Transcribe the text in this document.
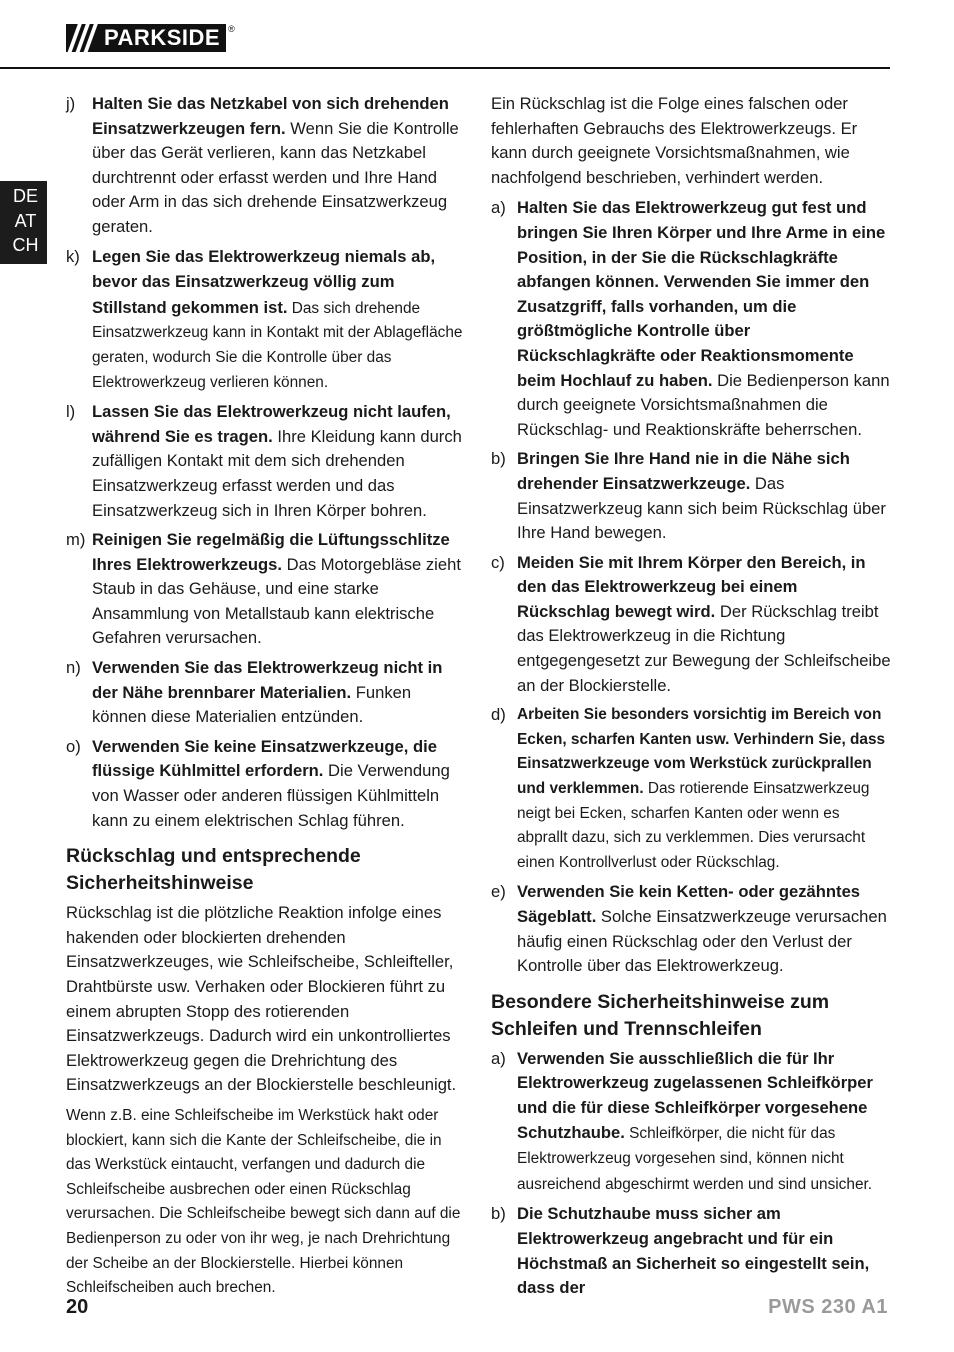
PARKSIDE ®
DE
AT
CH
j)	Halten Sie das Netzkabel von sich drehenden Einsatzwerkzeugen fern. Wenn Sie die Kontrolle über das Gerät verlieren, kann das Netzkabel durchtrennt oder erfasst werden und Ihre Hand oder Arm in das sich drehende Einsatzwerkzeug geraten.
k) Legen Sie das Elektrowerkzeug niemals ab, bevor das Einsatzwerkzeug völlig zum Stillstand gekommen ist. Das sich drehende Einsatzwerkzeug kann in Kontakt mit der Ablagefläche geraten, wodurch Sie die Kontrolle über das Elektrowerkzeug verlieren können.
l)	Lassen Sie das Elektrowerkzeug nicht laufen, während Sie es tragen. Ihre Kleidung kann durch zufälligen Kontakt mit dem sich drehenden Einsatzwerkzeug erfasst werden und das Einsatzwerkzeug sich in Ihren Körper bohren.
m) Reinigen Sie regelmäßig die Lüftungsschlitze Ihres Elektrowerkzeugs. Das Motorgebläse zieht Staub in das Gehäuse, und eine starke Ansammlung von Metallstaub kann elektrische Gefahren verursachen.
n) Verwenden Sie das Elektrowerkzeug nicht in der Nähe brennbarer Materialien. Funken können diese Materialien entzünden.
o) Verwenden Sie keine Einsatzwerkzeuge, die flüssige Kühlmittel erfordern. Die Verwendung von Wasser oder anderen flüssigen Kühlmitteln kann zu einem elektrischen Schlag führen.
Rückschlag und entsprechende Sicherheitshinweise

Rückschlag ist die plötzliche Reaktion infolge eines hakenden oder blockierten drehenden Einsatzwerkzeuges, wie Schleifscheibe, Schleifteller, Drahtbürste usw. Verhaken oder Blockieren führt zu einem abrupten Stopp des rotierenden Einsatzwerkzeugs. Dadurch wird ein unkontrolliertes Elektrowerkzeug gegen die Drehrichtung des Einsatzwerkzeugs an der Blockierstelle beschleunigt.

Wenn z.B. eine Schleifscheibe im Werkstück hakt oder blockiert, kann sich die Kante der Schleifscheibe, die in das Werkstück eintaucht, verfangen und dadurch die Schleifscheibe ausbrechen oder einen Rückschlag verursachen. Die Schleifscheibe bewegt sich dann auf die Bedienperson zu oder von ihr weg, je nach Drehrichtung der Scheibe an der Blockierstelle. Hierbei können Schleifscheiben auch brechen.

Ein Rückschlag ist die Folge eines falschen oder fehlerhaften Gebrauchs des Elektrowerkzeugs. Er kann durch geeignete Vorsichtsmaßnahmen, wie nachfolgend beschrieben, verhindert werden.

a) Halten Sie das Elektrowerkzeug gut fest und bringen Sie Ihren Körper und Ihre Arme in eine Position, in der Sie die Rückschlagkräfte abfangen können. Verwenden Sie immer den Zusatzgriff, falls vorhanden, um die größtmögliche Kontrolle über Rückschlagkräfte oder Reaktionsmomente beim Hochlauf zu haben. Die Bedienperson kann durch geeignete Vorsichtsmaßnahmen die Rückschlag- und Reaktionskräfte beherrschen.
b) Bringen Sie Ihre Hand nie in die Nähe sich drehender Einsatzwerkzeuge. Das Einsatzwerkzeug kann sich beim Rückschlag über Ihre Hand bewegen.
c) Meiden Sie mit Ihrem Körper den Bereich, in den das Elektrowerkzeug bei einem Rückschlag bewegt wird. Der Rückschlag treibt das Elektrowerkzeug in die Richtung entgegengesetzt zur Bewegung der Schleifscheibe an der Blockierstelle.
d) Arbeiten Sie besonders vorsichtig im Bereich von Ecken, scharfen Kanten usw. Verhindern Sie, dass Einsatzwerkzeuge vom Werkstück zurückprallen und verklemmen. Das rotierende Einsatzwerkzeug neigt bei Ecken, scharfen Kanten oder wenn es abprallt dazu, sich zu verklemmen. Dies verursacht einen Kontrollverlust oder Rückschlag.
e) Verwenden Sie kein Ketten- oder gezähntes Sägeblatt. Solche Einsatzwerkzeuge verursachen häufig einen Rückschlag oder den Verlust der Kontrolle über das Elektrowerkzeug.
Besondere Sicherheitshinweise zum Schleifen und Trennschleifen
a) Verwenden Sie ausschließlich die für Ihr Elektrowerkzeug zugelassenen Schleifkörper und die für diese Schleifkörper vorgesehene Schutzhaube. Schleifkörper, die nicht für das Elektrowerkzeug vorgesehen sind, können nicht ausreichend abgeschirmt werden und sind unsicher.
b) Die Schutzhaube muss sicher am Elektrowerkzeug angebracht und für ein Höchstmaß an Sicherheit so eingestellt sein, dass der
20	PWS 230 A1
